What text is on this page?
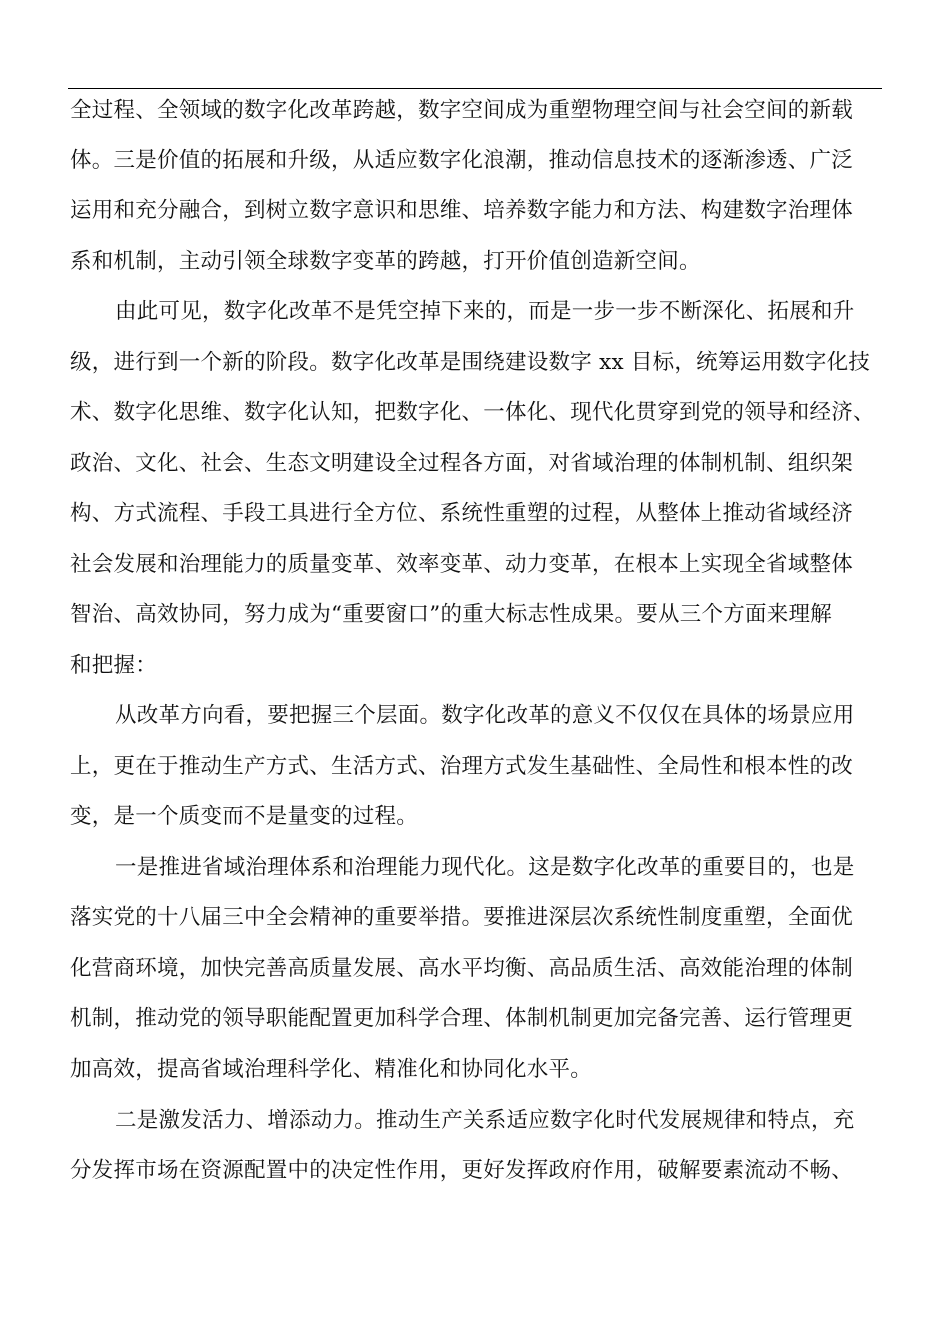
全过程、全领域的数字化改革跨越，数字空间成为重塑物理空间与社会空间的新载

体。三是价值的拓展和升级，从适应数字化浪潮，推动信息技术的逐渐渗透、广泛

运用和充分融合，到树立数字意识和思维、培养数字能力和方法、构建数字治理体

系和机制，主动引领全球数字变革的跨越，打开价值创造新空间。

由此可见，数字化改革不是凭空掉下来的，而是一步一步不断深化、拓展和升

级，进行到一个新的阶段。数字化改革是围绕建设数字 xx 目标，统筹运用数字化技

术、数字化思维、数字化认知，把数字化、一体化、现代化贯穿到党的领导和经济、

政治、文化、社会、生态文明建设全过程各方面，对省域治理的体制机制、组织架

构、方式流程、手段工具进行全方位、系统性重塑的过程，从整体上推动省域经济

社会发展和治理能力的质量变革、效率变革、动力变革，在根本上实现全省域整体

智治、高效协同，努力成为“重要窗口”的重大标志性成果。要从三个方面来理解

和把握：

从改革方向看，要把握三个层面。数字化改革的意义不仅仅在具体的场景应用

上，更在于推动生产方式、生活方式、治理方式发生基础性、全局性和根本性的改

变，是一个质变而不是量变的过程。

一是推进省域治理体系和治理能力现代化。这是数字化改革的重要目的，也是

落实党的十八届三中全会精神的重要举措。要推进深层次系统性制度重塑，全面优

化营商环境，加快完善高质量发展、高水平均衡、高品质生活、高效能治理的体制

机制，推动党的领导职能配置更加科学合理、体制机制更加完备完善、运行管理更

加高效，提高省域治理科学化、精准化和协同化水平。

二是激发活力、增添动力。推动生产关系适应数字化时代发展规律和特点，充

分发挥市场在资源配置中的决定性作用，更好发挥政府作用，破解要素流动不畅、
